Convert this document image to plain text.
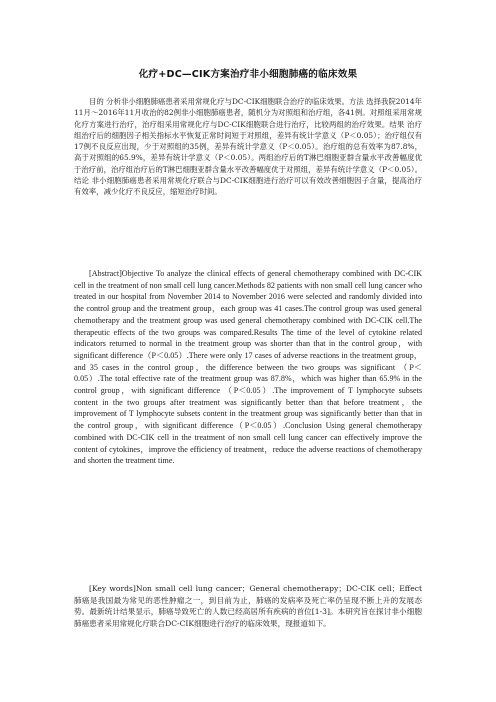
化疗+DC—CIK方案治疗非小细胞肺癌的临床效果
目的 分析非小细胞肺癌患者采用常规化疗与DC-CIK细胞联合治疗的临床效果。方法 选择我院2014年11月～2016年11月收治的82例非小细胞肺癌患者，随机分为对照组和治疗组，各41例。对照组采用常规化疗方案进行治疗，治疗组采用常规化疗与DC-CIK细胞联合进行治疗，比较两组的治疗效果。结果 治疗组治疗后的细胞因子相关指标水平恢复正常时间短于对照组，差异有统计学意义（P＜0.05）；治疗组仅有17例不良反应出现，少于对照组的35例，差异有统计学意义（P＜0.05）。治疗组的总有效率为87.8%，高于对照组的65.9%，差异有统计学意义（P＜0.05）。两组治疗后的T淋巴细胞亚群含量水平改善幅度优于治疗前，治疗组治疗后的T淋巴细胞亚群含量水平改善幅度优于对照组，差异有统计学意义（P＜0.05）。结论 非小细胞肺癌患者采用常规化疗联合与DC-CIK细胞进行治疗可以有效改善细胞因子含量，提高治疗有效率，减少化疗不良反应，缩短治疗时间。
[Abstract]Objective To analyze the clinical effects of general chemotherapy combined with DC-CIK cell in the treatment of non small cell lung cancer.Methods 82 patients with non small cell lung cancer who treated in our hospital from November 2014 to November 2016 were selected and randomly divided into the control group and the treatment group，each group was 41 cases.The control group was used general chemotherapy and the treatment group was used general chemotherapy combined with DC-CIK cell.The therapeutic effects of the two groups was compared.Results The time of the level of cytokine related indicators returned to normal in the treatment group was shorter than that in the control group，with significant difference（P＜0.05）.There were only 17 cases of adverse reactions in the treatment group，and 35 cases in the control group，the difference between the two groups was significant （P＜0.05）.The total effective rate of the treatment group was 87.8%，which was higher than 65.9% in the control group，with significant difference （P＜0.05）.The improvement of T lymphocyte subsets content in the two groups after treatment was significantly better than that before treatment，the improvement of T lymphocyte subsets content in the treatment group was significantly better than that in the control group，with significant difference（P＜0.05）.Conclusion Using general chemotherapy combined with DC-CIK cell in the treatment of non small cell lung cancer can effectively improve the content of cytokines，improve the efficiency of treatment，reduce the adverse reactions of chemotherapy and shorten the treatment time.
[Key words]Non small cell lung cancer；General chemotherapy；DC-CIK cell；Effect肺癌是我国最为常见的恶性肿瘤之一，到目前为止，肺癌的发病率及死亡率仍呈现不断上升的发展态势。最新统计结果显示，肺癌导致死亡的人数已经高居所有疾病的首位[1-3]。本研究旨在探讨非小细胞肺癌患者采用常规化疗联合DC-CIK细胞进行治疗的临床效果，现报道如下。
